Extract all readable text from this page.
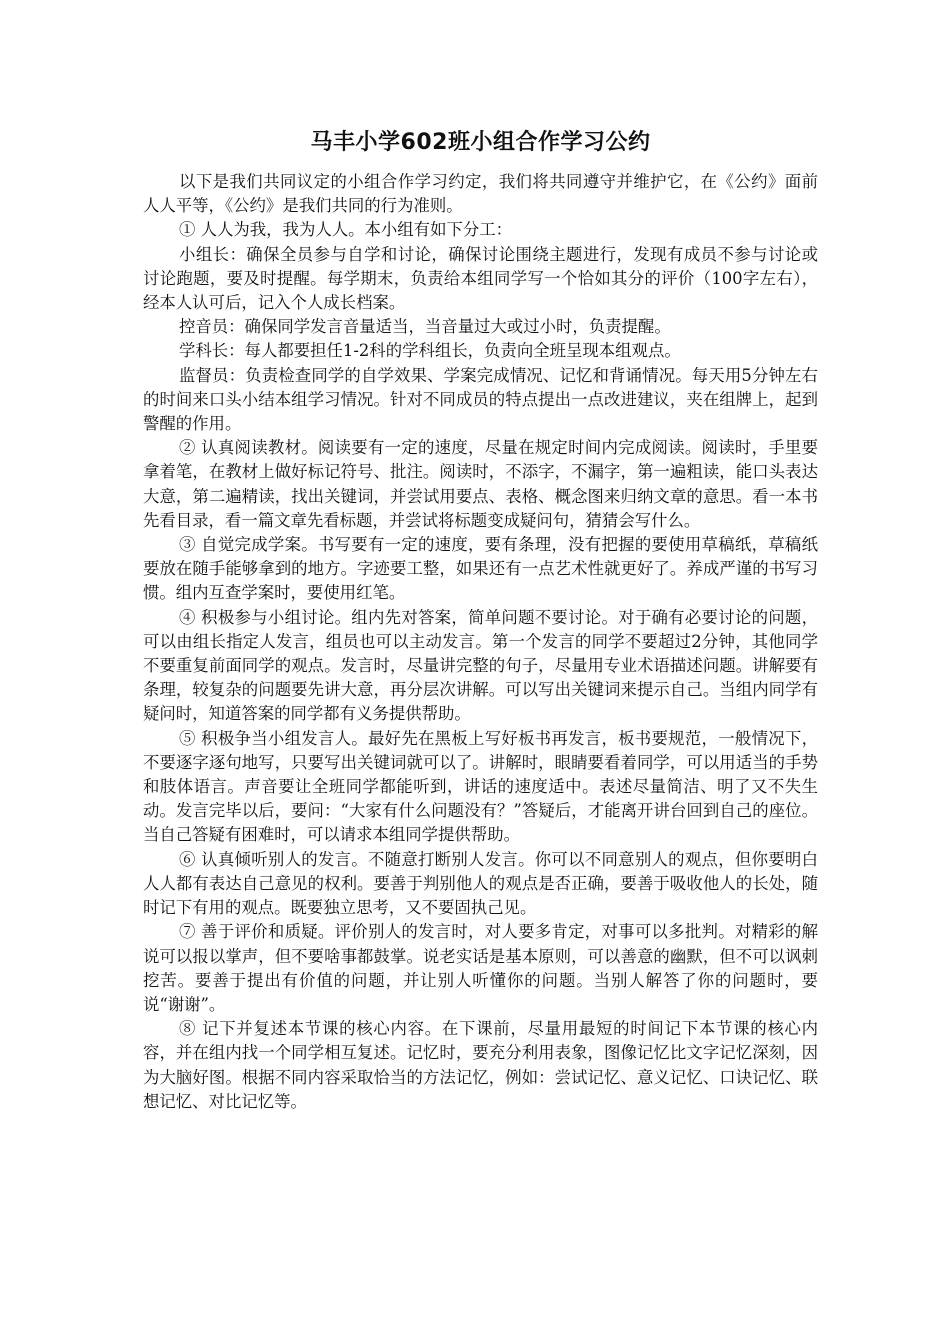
马丰小学602班小组合作学习公约

以下是我们共同议定的小组合作学习约定，我们将共同遵守并维护它，在《公约》面前人人平等，《公约》是我们共同的行为准则。

① 人人为我，我为人人。本小组有如下分工：

小组长：确保全员参与自学和讨论，确保讨论围绕主题进行，发现有成员不参与讨论或讨论跑题，要及时提醒。每学期末，负责给本组同学写一个恰如其分的评价（100字左右），经本人认可后，记入个人成长档案。

控音员：确保同学发言音量适当，当音量过大或过小时，负责提醒。

学科长：每人都要担任1-2科的学科组长，负责向全班呈现本组观点。

监督员：负责检查同学的自学效果、学案完成情况、记忆和背诵情况。每天用5分钟左右的时间来口头小结本组学习情况。针对不同成员的特点提出一点改进建议，夹在组牌上，起到警醒的作用。

② 认真阅读教材。阅读要有一定的速度，尽量在规定时间内完成阅读。阅读时，手里要拿着笔，在教材上做好标记符号、批注。阅读时，不添字，不漏字，第一遍粗读，能口头表达大意，第二遍精读，找出关键词，并尝试用要点、表格、概念图来归纳文章的意思。看一本书先看目录，看一篇文章先看标题，并尝试将标题变成疑问句，猜猜会写什么。

③ 自觉完成学案。书写要有一定的速度，要有条理，没有把握的要使用草稿纸，草稿纸要放在随手能够拿到的地方。字迹要工整，如果还有一点艺术性就更好了。养成严谨的书写习惯。组内互查学案时，要使用红笔。

④ 积极参与小组讨论。组内先对答案，简单问题不要讨论。对于确有必要讨论的问题，可以由组长指定人发言，组员也可以主动发言。第一个发言的同学不要超过2分钟，其他同学不要重复前面同学的观点。发言时，尽量讲完整的句子，尽量用专业术语描述问题。讲解要有条理，较复杂的问题要先讲大意，再分层次讲解。可以写出关键词来提示自己。当组内同学有疑问时，知道答案的同学都有义务提供帮助。

⑤ 积极争当小组发言人。最好先在黑板上写好板书再发言，板书要规范，一般情况下，不要逐字逐句地写，只要写出关键词就可以了。讲解时，眼睛要看着同学，可以用适当的手势和肢体语言。声音要让全班同学都能听到，讲话的速度适中。表述尽量简洁、明了又不失生动。发言完毕以后，要问：“大家有什么问题没有？”答疑后，才能离开讲台回到自己的座位。当自己答疑有困难时，可以请求本组同学提供帮助。

⑥ 认真倾听别人的发言。不随意打断别人发言。你可以不同意别人的观点，但你要明白人人都有表达自己意见的权利。要善于判别他人的观点是否正确，要善于吸收他人的长处，随时记下有用的观点。既要独立思考，又不要固执己见。

⑦ 善于评价和质疑。评价别人的发言时，对人要多肯定，对事可以多批判。对精彩的解说可以报以掌声，但不要啥事都鼓掌。说老实话是基本原则，可以善意的幽默，但不可以讽刺挖苦。要善于提出有价值的问题，并让别人听懂你的问题。当别人解答了你的问题时，要说“谢谢”。

⑧ 记下并复述本节课的核心内容。在下课前，尽量用最短的时间记下本节课的核心内容，并在组内找一个同学相互复述。记忆时，要充分利用表象，图像记忆比文字记忆深刻，因为大脑好图。根据不同内容采取恰当的方法记忆，例如：尝试记忆、意义记忆、口诀记忆、联想记忆、对比记忆等。
